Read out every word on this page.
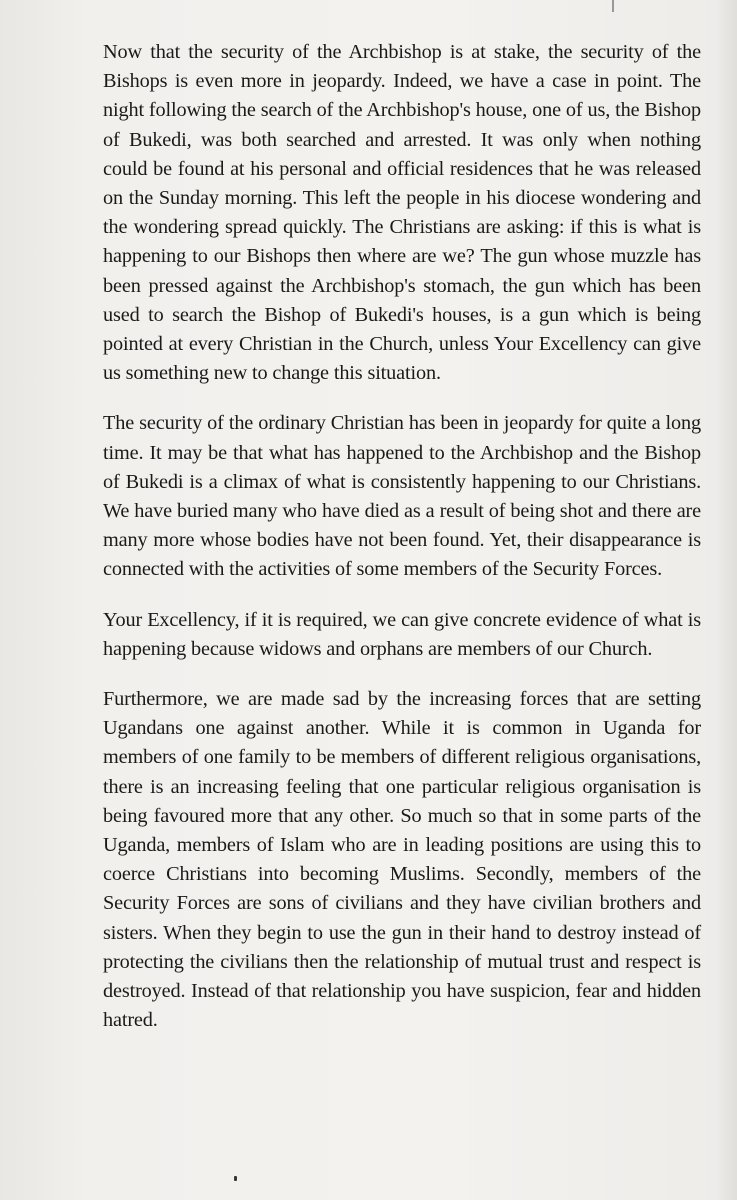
Now that the security of the Archbishop is at stake, the security of the Bishops is even more in jeopardy. Indeed, we have a case in point. The night following the search of the Archbishop's house, one of us, the Bishop of Bukedi, was both searched and arrested. It was only when nothing could be found at his personal and official residences that he was released on the Sunday morning. This left the people in his diocese wondering and the wondering spread quickly. The Christians are asking: if this is what is happening to our Bishops then where are we? The gun whose muzzle has been pressed against the Archbishop's stomach, the gun which has been used to search the Bishop of Bukedi's houses, is a gun which is being pointed at every Christian in the Church, unless Your Excellency can give us something new to change this situation.

The security of the ordinary Christian has been in jeopardy for quite a long time. It may be that what has happened to the Archbishop and the Bishop of Bukedi is a climax of what is consistently happening to our Christians. We have buried many who have died as a result of being shot and there are many more whose bodies have not been found. Yet, their disappearance is connected with the activities of some members of the Security Forces.

Your Excellency, if it is required, we can give concrete evidence of what is happening because widows and orphans are members of our Church.

Furthermore, we are made sad by the increasing forces that are setting Ugandans one against another. While it is common in Uganda for members of one family to be members of different religious organisations, there is an increasing feeling that one particular religious organisation is being favoured more that any other. So much so that in some parts of the Uganda, members of Islam who are in leading positions are using this to coerce Christians into becoming Muslims. Secondly, members of the Security Forces are sons of civilians and they have civilian brothers and sisters. When they begin to use the gun in their hand to destroy instead of protecting the civilians then the relationship of mutual trust and respect is destroyed. Instead of that relationship you have suspicion, fear and hidden hatred.
